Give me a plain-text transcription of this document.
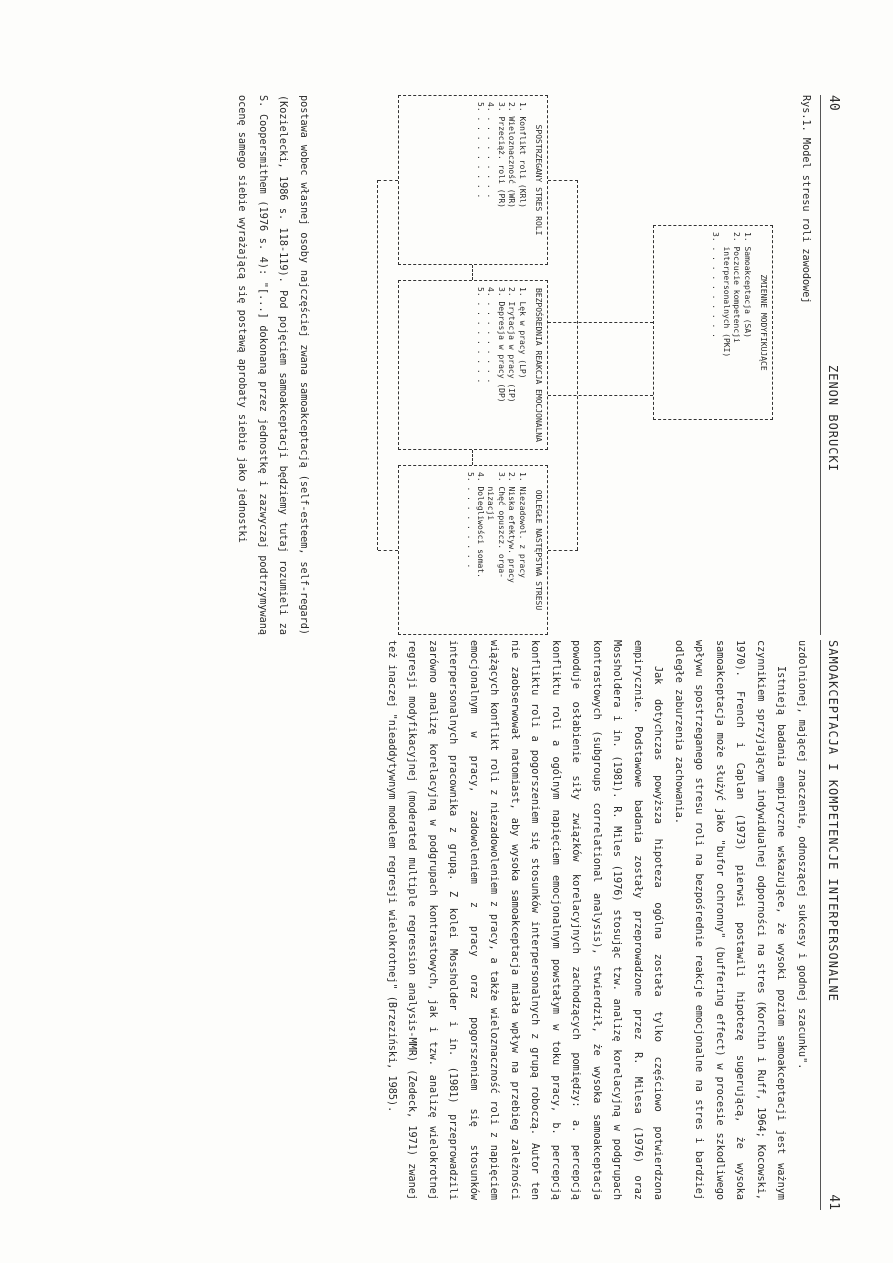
40
ZENON BORUCKI
Rys.1. Model stresu roli zawodowej
ZMIENNE MODYFIKUJĄCE
1. Samoakceptacja (SA)
2. Poczucie kompetencji
interpersonalnych (PKI)
3. . . . . . . . . . .
SPOSTRZEGANY STRES ROLI
1. Konflikt roli (KRl)
2. Wieloznaczność (WR)
3. Przeciąż. roli (PR)
4. . . . . . . . . .
5. . . . . . . . . .
BEZPOŚREDNIA REAKCJA EMOCJONALNA
1. Lęk w pracy (LP)
2. Irytacja w pracy (IP)
3. Depresja w pracy (DP)
4. . . . . . . . . .
5. . . . . . . . . .
ODLEGŁE NASTĘPSTWA STRESU
1. Niezadowol. z pracy
2. Niska efektyw. pracy
3. Chęć opuszcz. orga-
nizacji
4. Dolegliwości somat.
5. . . . . . . . . .

postawa wobec własnej osoby najczęściej zwana samoakceptacją (self-esteem, self-regard) (Kozielecki, 1986 s. 118-119). Pod pojęciem samoakceptacji będziemy tutaj rozumieli za S. Coopersmithem (1976 s. 4): "[...] dokonaną przez jednostkę i zazwyczaj podtrzymywaną ocenę samego siebie wyrażającą się postawą aprobaty siebie jako jednostki

SAMOAKCEPTACJA I KOMPETENCJE INTERPERSONALNE
41

uzdolnionej, mającej znaczenie, odnoszącej sukcesy i godnej szacunku".

Istnieją badania empiryczne wskazujące, że wysoki poziom samoakceptacji jest ważnym czynnikiem sprzyjającym indywidualnej odporności na stres (Korchin i Ruff, 1964; Kocowski, 1970). French i Caplan (1973) pierwsi postawili hipotezę sugerującą, że wysoka samoakceptacja może służyć jako "bufor ochronny" (buffering effect) w procesie szkodliwego wpływu spostrzeganego stresu roli na bezpośrednie reakcje emocjonalne na stres i bardziej odległe zaburzenia zachowania.

Jak dotychczas powyższa hipoteza ogólna została tylko częściowo potwierdzona empirycznie. Podstawowe badania zostały przeprowadzone przez R. Milesa (1976) oraz Mossholdera i in. (1981). R. Miles (1976) stosując tzw. analizę korelacyjną w podgrupach kontrastowych (subgroups correlational analysis), stwierdził, że wysoka samoakceptacja powoduje osłabienie siły związków korelacyjnych zachodzących pomiędzy: a. percepcją konfliktu roli a ogólnym napięciem emocjonalnym powstałym w toku pracy, b. percepcją konfliktu roli a pogorszeniem się stosunków interpersonalnych z grupą roboczą. Autor ten nie zaobserwował natomiast, aby wysoka samoakceptacja miała wpływ na przebieg zależności wiążących konflikt roli z niezadowoleniem z pracy, a także wieloznaczność roli z napięciem emocjonalnym w pracy, zadowoleniem z pracy oraz pogorszeniem się stosunków interpersonalnych pracownika z grupą. Z kolei Mossholder i in. (1981) przeprowadzili zarówno analizę korelacyjną w podgrupach kontrastowych, jak i tzw. analizę wielokrotnej regresji modyfikacyjnej (moderated multiple regression analysis-MMR) (Zedeck, 1971) zwanej też inaczej "nieaddytywnym modelem regresji wielokrotnej" (Brzeziński, 1985).
